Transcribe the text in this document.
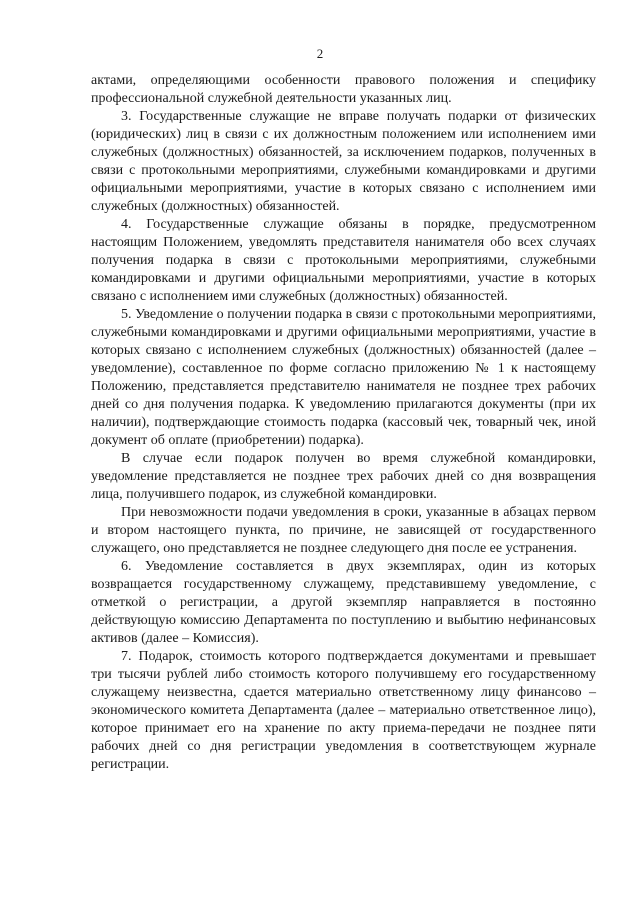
2

актами, определяющими особенности правового положения и специфику профессиональной служебной деятельности указанных лиц.

3. Государственные служащие не вправе получать подарки от физических (юридических) лиц в связи с их должностным положением или исполнением ими служебных (должностных) обязанностей, за исключением подарков, полученных в связи с протокольными мероприятиями, служебными командировками и другими официальными мероприятиями, участие в которых связано с исполнением ими служебных (должностных) обязанностей.

4. Государственные служащие обязаны в порядке, предусмотренном настоящим Положением, уведомлять представителя нанимателя обо всех случаях получения подарка в связи с протокольными мероприятиями, служебными командировками и другими официальными мероприятиями, участие в которых связано с исполнением ими служебных (должностных) обязанностей.

5. Уведомление о получении подарка в связи с протокольными мероприятиями, служебными командировками и другими официальными мероприятиями, участие в которых связано с исполнением служебных (должностных) обязанностей (далее – уведомление), составленное по форме согласно приложению № 1 к настоящему Положению, представляется представителю нанимателя не позднее трех рабочих дней со дня получения подарка. К уведомлению прилагаются документы (при их наличии), подтверждающие стоимость подарка (кассовый чек, товарный чек, иной документ об оплате (приобретении) подарка).

В случае если подарок получен во время служебной командировки, уведомление представляется не позднее трех рабочих дней со дня возвращения лица, получившего подарок, из служебной командировки.

При невозможности подачи уведомления в сроки, указанные в абзацах первом и втором настоящего пункта, по причине, не зависящей от государственного служащего, оно представляется не позднее следующего дня после ее устранения.

6. Уведомление составляется в двух экземплярах, один из которых возвращается государственному служащему, представившему уведомление, с отметкой о регистрации, а другой экземпляр направляется в постоянно действующую комиссию Департамента по поступлению и выбытию нефинансовых активов (далее – Комиссия).

7. Подарок, стоимость которого подтверждается документами и превышает три тысячи рублей либо стоимость которого получившему его государственному служащему неизвестна, сдается материально ответственному лицу финансово – экономического комитета Департамента (далее – материально ответственное лицо), которое принимает его на хранение по акту приема-передачи не позднее пяти рабочих дней со дня регистрации уведомления в соответствующем журнале регистрации.
